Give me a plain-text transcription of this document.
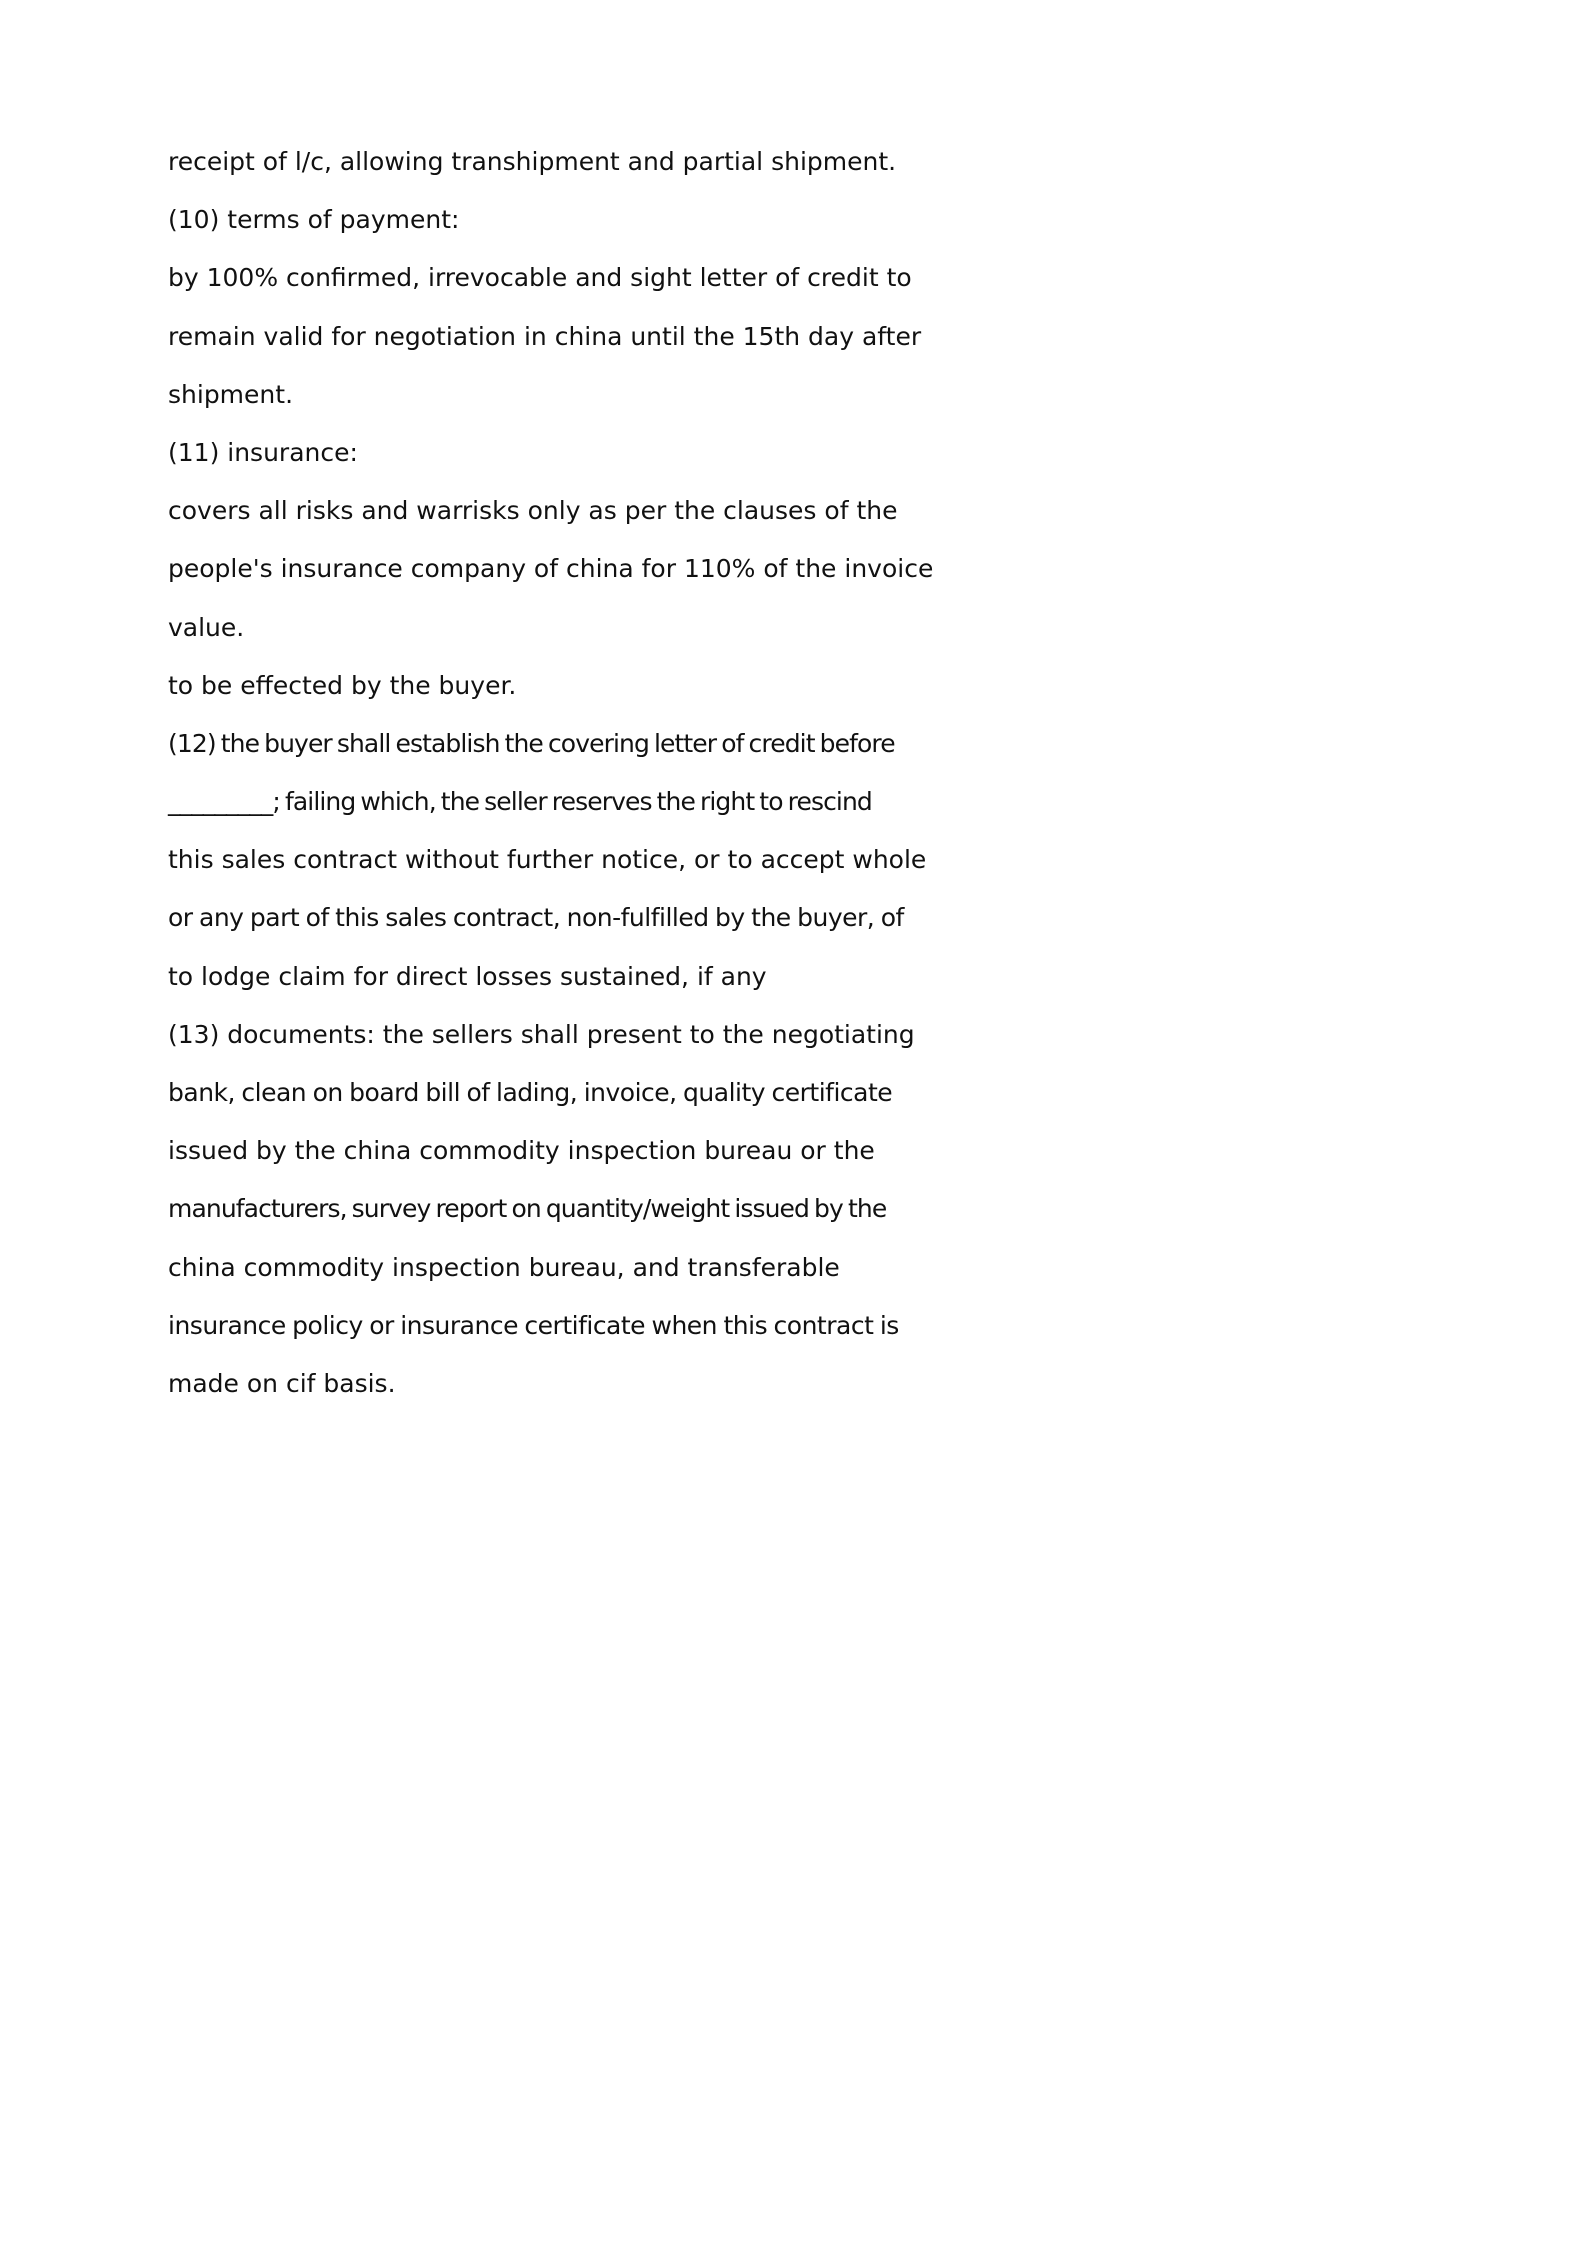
receipt of l/c, allowing transhipment and partial shipment.
(10) terms of payment:
by 100% confirmed, irrevocable and sight letter of credit to
remain valid for negotiation in china until the 15th day after
shipment.
(11) insurance:
covers all risks and warrisks only as per the clauses of the
people's insurance company of china for 110% of the invoice
value.
to be effected by the buyer.
(12) the buyer shall establish the covering letter of credit before
_________; failing which, the seller reserves the right to rescind
this sales contract without further notice, or to accept whole
or any part of this sales contract, non-fulfilled by the buyer, of
to lodge claim for direct losses sustained, if any
(13) documents: the sellers shall present to the negotiating
bank, clean on board bill of lading, invoice, quality certificate
issued by the china commodity inspection bureau or the
manufacturers, survey report on quantity/weight issued by the
china commodity inspection bureau, and transferable
insurance policy or insurance certificate when this contract is
made on cif basis.
